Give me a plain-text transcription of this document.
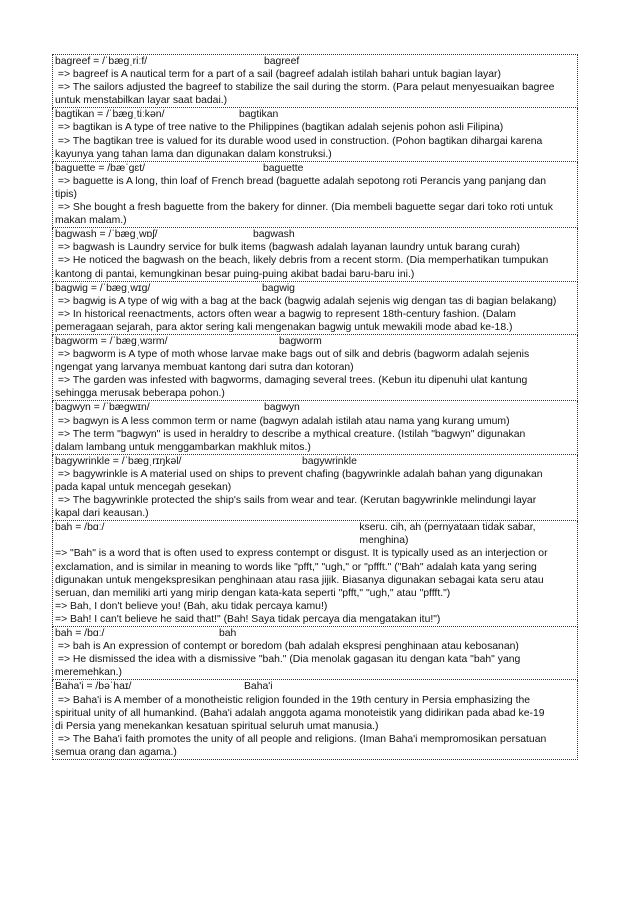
bagreef = /ˈbæɡˌriːf/	bagreef
=> bagreef is A nautical term for a part of a sail (bagreef adalah istilah bahari untuk bagian layar)
=> The sailors adjusted the bagreef to stabilize the sail during the storm. (Para pelaut menyesuaikan bagree
untuk menstabilkan layar saat badai.)
bagtikan = /ˈbæɡˌtiːkən/	bagtikan
=> bagtikan is A type of tree native to the Philippines (bagtikan adalah sejenis pohon asli Filipina)
=> The bagtikan tree is valued for its durable wood used in construction. (Pohon bagtikan dihargai karena
kayunya yang tahan lama dan digunakan dalam konstruksi.)
baguette = /bæˈɡɛt/	baguette
=> baguette is A long, thin loaf of French bread (baguette adalah sepotong roti Perancis yang panjang dan
tipis)
=> She bought a fresh baguette from the bakery for dinner. (Dia membeli baguette segar dari toko roti untuk
makan malam.)
bagwash = /ˈbæɡˌwɒʃ/	bagwash
=> bagwash is Laundry service for bulk items (bagwash adalah layanan laundry untuk barang curah)
=> He noticed the bagwash on the beach, likely debris from a recent storm. (Dia memperhatikan tumpukan
kantong di pantai, kemungkinan besar puing-puing akibat badai baru-baru ini.)
bagwig = /ˈbæɡˌwɪɡ/	bagwig
=> bagwig is A type of wig with a bag at the back (bagwig adalah sejenis wig dengan tas di bagian belakang)
=> In historical reenactments, actors often wear a bagwig to represent 18th-century fashion. (Dalam
pemeragaan sejarah, para aktor sering kali mengenakan bagwig untuk mewakili mode abad ke-18.)
bagworm = /ˈbæɡˌwɜrm/	bagworm
=> bagworm is A type of moth whose larvae make bags out of silk and debris (bagworm adalah sejenis
ngengat yang larvanya membuat kantong dari sutra dan kotoran)
=> The garden was infested with bagworms, damaging several trees. (Kebun itu dipenuhi ulat kantung
sehingga merusak beberapa pohon.)
bagwyn = /ˈbæɡwɪn/	bagwyn
=> bagwyn is A less common term or name (bagwyn adalah istilah atau nama yang kurang umum)
=> The term "bagwyn" is used in heraldry to describe a mythical creature. (Istilah "bagwyn" digunakan
dalam lambang untuk menggambarkan makhluk mitos.)
bagywrinkle = /ˈbæɡˌrɪŋkəl/	bagywrinkle
=> bagywrinkle is A material used on ships to prevent chafing (bagywrinkle adalah bahan yang digunakan
pada kapal untuk mencegah gesekan)
=> The bagywrinkle protected the ship's sails from wear and tear. (Kerutan bagywrinkle melindungi layar
kapal dari keausan.)
bah = /bɑː/	kseru. cih, ah (pernyataan tidak sabar, menghina)
=> "Bah" is a word that is often used to express contempt or disgust. It is typically used as an interjection or
exclamation, and is similar in meaning to words like "pfft," "ugh," or "pffft." ("Bah" adalah kata yang sering
digunakan untuk mengekspresikan penghinaan atau rasa jijik. Biasanya digunakan sebagai kata seru atau
seruan, dan memiliki arti yang mirip dengan kata-kata seperti "pfft," "ugh," atau "pffft.")
=> Bah, I don't believe you! (Bah, aku tidak percaya kamu!)
=> Bah! I can't believe he said that!" (Bah! Saya tidak percaya dia mengatakan itu!")
bah = /bɑː/	bah
=> bah is An expression of contempt or boredom (bah adalah ekspresi penghinaan atau kebosanan)
=> He dismissed the idea with a dismissive "bah." (Dia menolak gagasan itu dengan kata "bah" yang
meremehkan.)
Baha'i = /bəˈhaɪ/	Baha'i
=> Baha'i is A member of a monotheistic religion founded in the 19th century in Persia emphasizing the
spiritual unity of all humankind. (Baha'i adalah anggota agama monoteistik yang didirikan pada abad ke-19
di Persia yang menekankan kesatuan spiritual seluruh umat manusia.)
=> The Baha'i faith promotes the unity of all people and religions. (Iman Baha'i mempromosikan persatuan
semua orang dan agama.)
